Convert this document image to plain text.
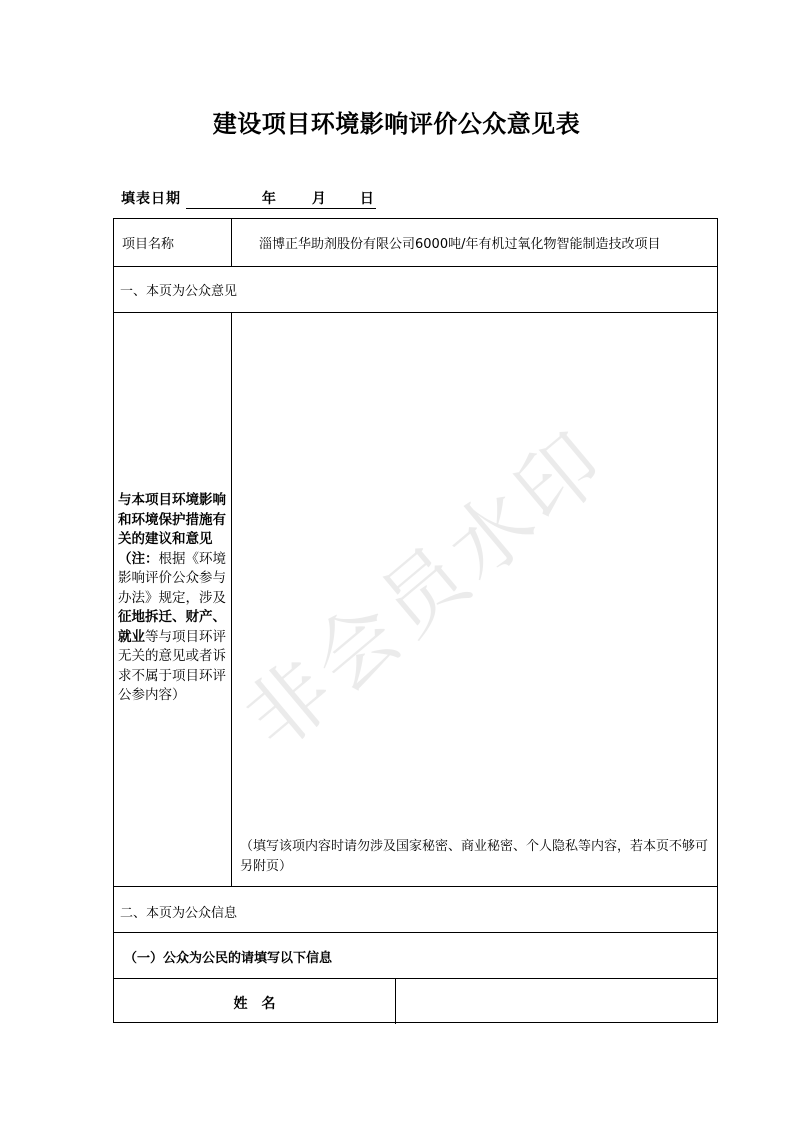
建设项目环境影响评价公众意见表
填表日期	年	月 日
项目名称	淄博正华助剂股份有限公司6000吨/年有机过氧化物智能制造技改项目
一、本页为公众意见
与本项目环境影响和环境保护措施有关的建议和意见（注：根据《环境影响评价公众参与办法》规定，涉及征地拆迁、财产、就业等与项目环评无关的意见或者诉求不属于项目环评公参内容）
（填写该项内容时请勿涉及国家秘密、商业秘密、个人隐私等内容，若本页不够可另附页）
二、本页为公众信息
（一）公众为公民的请填写以下信息
姓　名
非会员水印
